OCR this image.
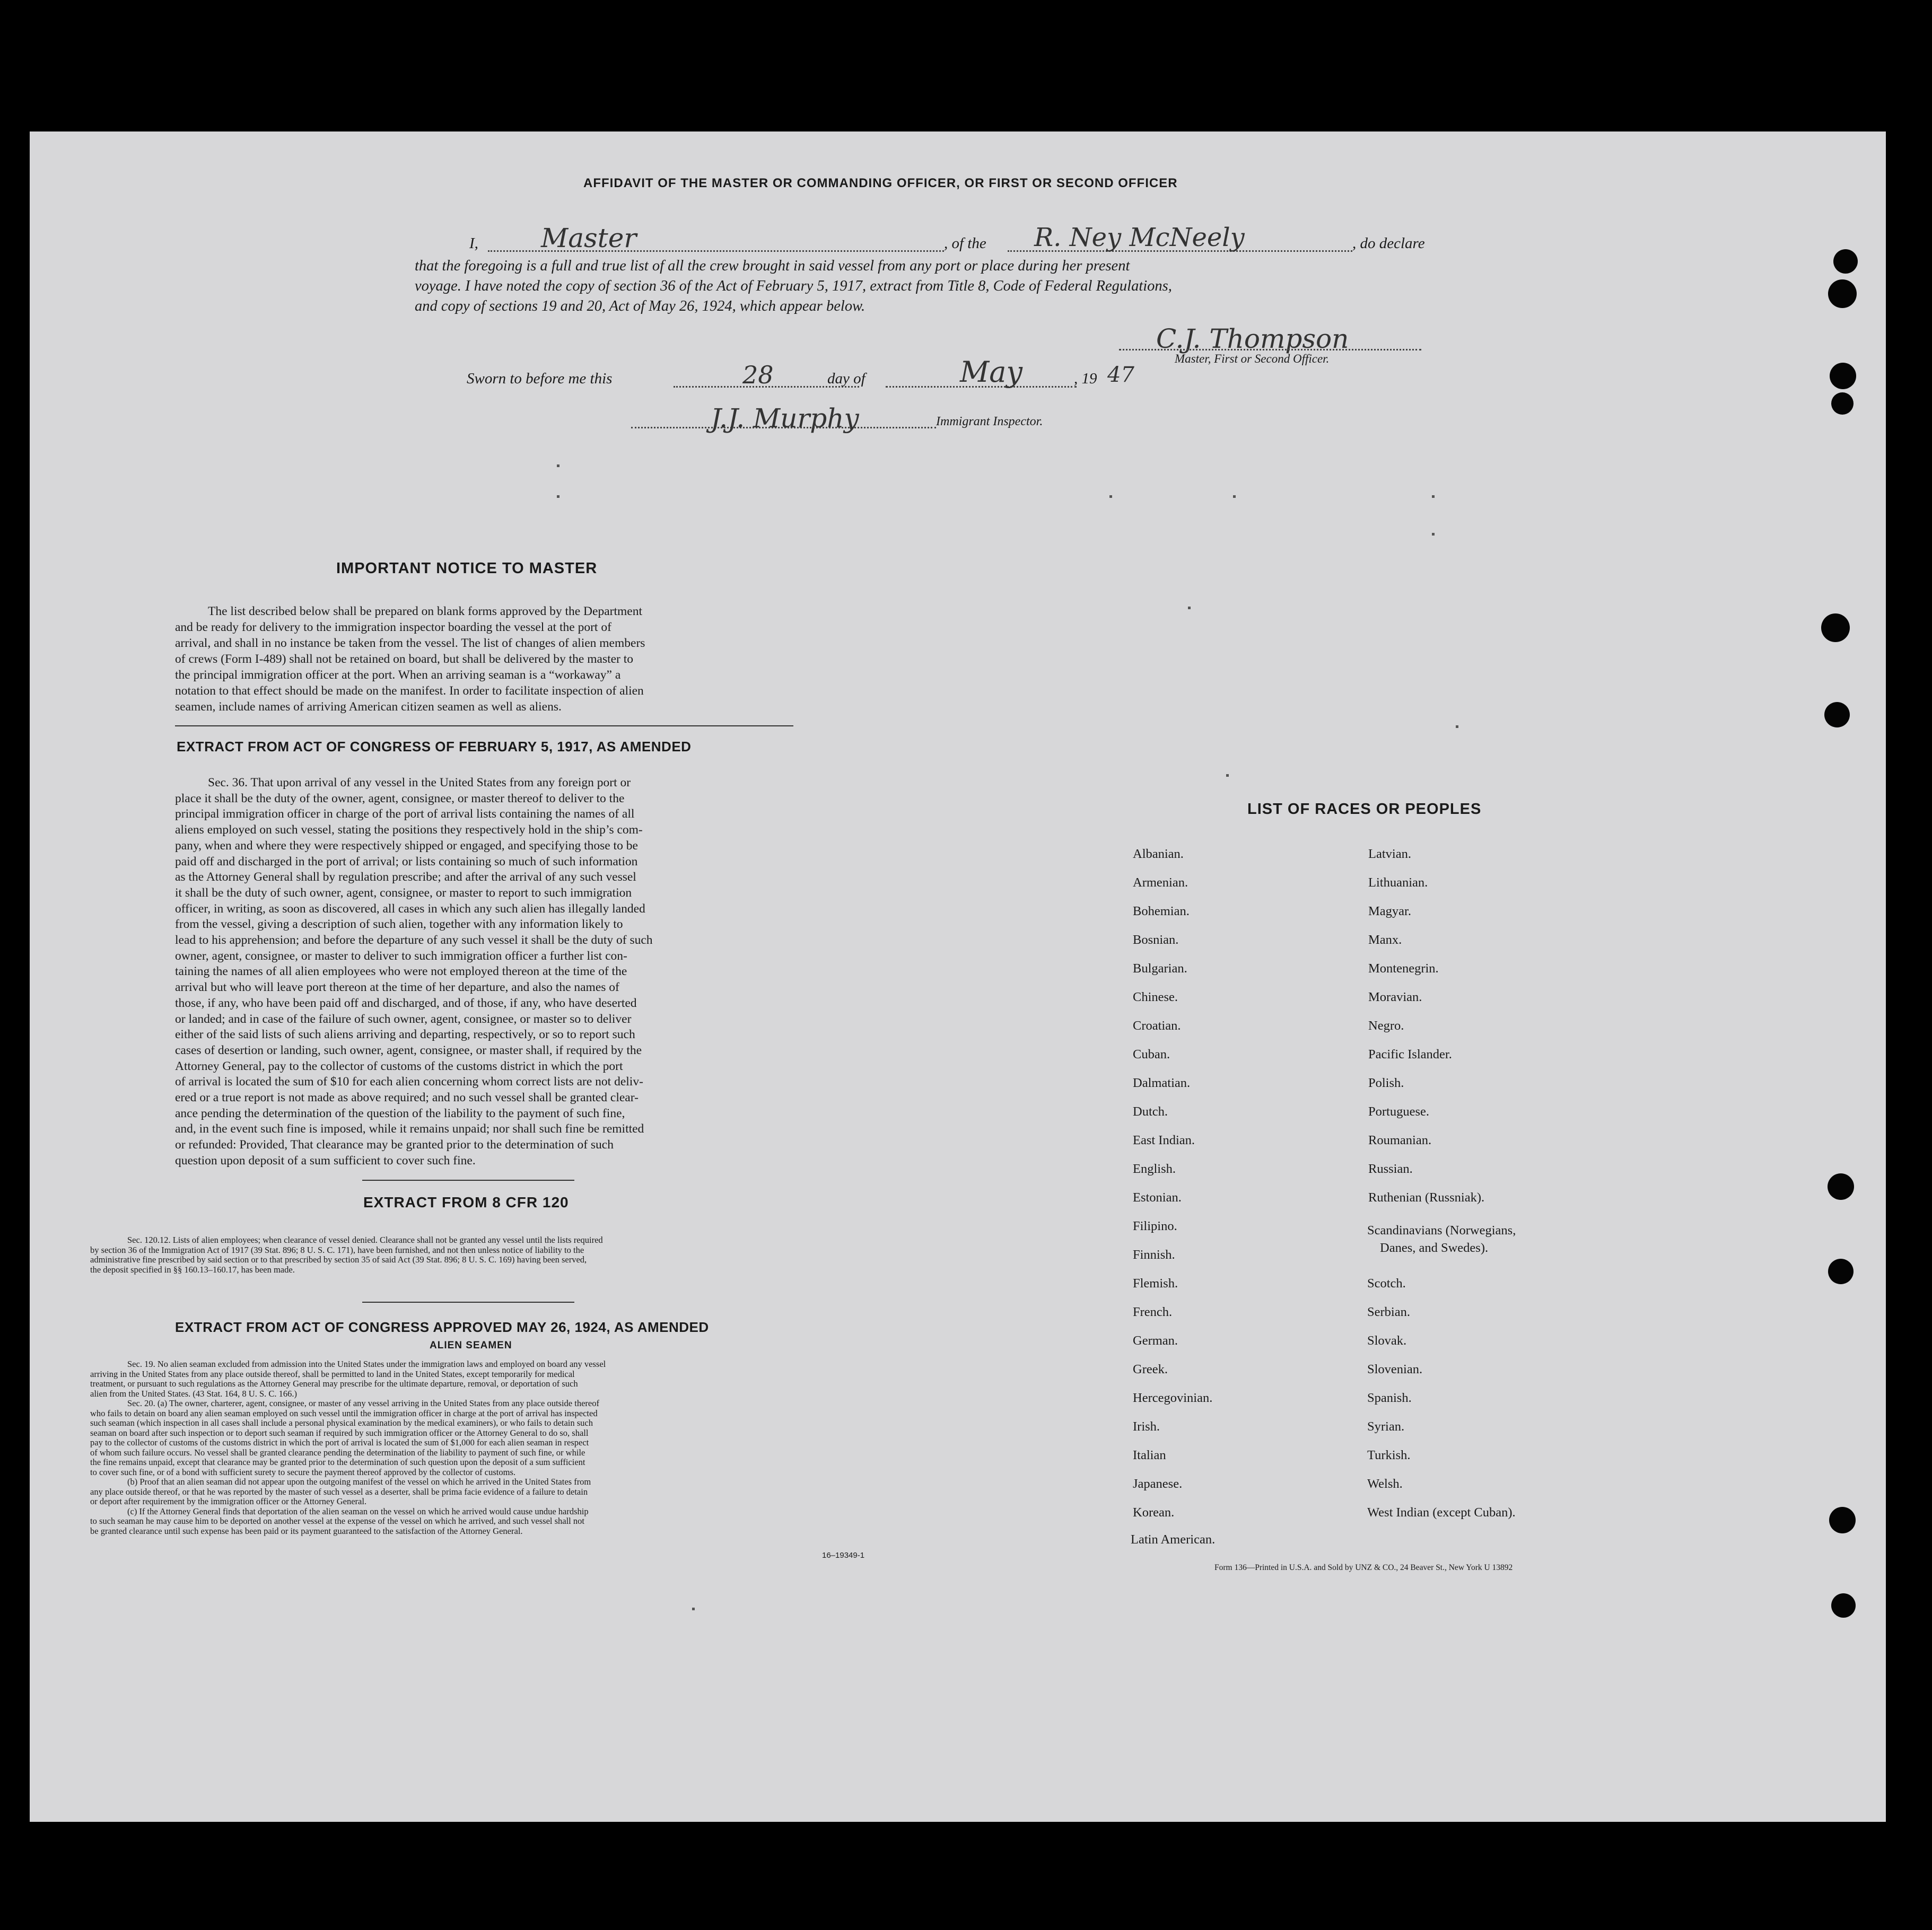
AFFIDAVIT OF THE MASTER OR COMMANDING OFFICER, OR FIRST OR SECOND OFFICER
I, Master	, of the R. Ney McNeely	, do declare
that the foregoing is a full and true list of all the crew brought in said vessel from any port or place during her present
voyage. I have noted the copy of section 36 of the Act of February 5, 1917, extract from Title 8, Code of Federal Regulations,
and copy of sections 19 and 20, Act of May 26, 1924, which appear below.
C.J. Thompson
Master, First or Second Officer.
Sworn to before me this	28	day of	May	, 19 47
J.J. Murphy	Immigrant Inspector.
IMPORTANT NOTICE TO MASTER
The list described below shall be prepared on blank forms approved by the Department
and be ready for delivery to the immigration inspector boarding the vessel at the port of
arrival, and shall in no instance be taken from the vessel. The list of changes of alien members
of crews (Form I-489) shall not be retained on board, but shall be delivered by the master to
the principal immigration officer at the port. When an arriving seaman is a “workaway” a
notation to that effect should be made on the manifest. In order to facilitate inspection of alien
seamen, include names of arriving American citizen seamen as well as aliens.
EXTRACT FROM ACT OF CONGRESS OF FEBRUARY 5, 1917, AS AMENDED
Sec. 36. That upon arrival of any vessel in the United States from any foreign port or
place it shall be the duty of the owner, agent, consignee, or master thereof to deliver to the
principal immigration officer in charge of the port of arrival lists containing the names of all
aliens employed on such vessel, stating the positions they respectively hold in the ship’s com-
pany, when and where they were respectively shipped or engaged, and specifying those to be
paid off and discharged in the port of arrival; or lists containing so much of such information
as the Attorney General shall by regulation prescribe; and after the arrival of any such vessel
it shall be the duty of such owner, agent, consignee, or master to report to such immigration
officer, in writing, as soon as discovered, all cases in which any such alien has illegally landed
from the vessel, giving a description of such alien, together with any information likely to
lead to his apprehension; and before the departure of any such vessel it shall be the duty of such
owner, agent, consignee, or master to deliver to such immigration officer a further list con-
taining the names of all alien employees who were not employed thereon at the time of the
arrival but who will leave port thereon at the time of her departure, and also the names of
those, if any, who have been paid off and discharged, and of those, if any, who have deserted
or landed; and in case of the failure of such owner, agent, consignee, or master so to deliver
either of the said lists of such aliens arriving and departing, respectively, or so to report such
cases of desertion or landing, such owner, agent, consignee, or master shall, if required by the
Attorney General, pay to the collector of customs of the customs district in which the port
of arrival is located the sum of $10 for each alien concerning whom correct lists are not deliv-
ered or a true report is not made as above required; and no such vessel shall be granted clear-
ance pending the determination of the question of the liability to the payment of such fine,
and, in the event such fine is imposed, while it remains unpaid; nor shall such fine be remitted
or refunded: Provided, That clearance may be granted prior to the determination of such
question upon deposit of a sum sufficient to cover such fine.
EXTRACT FROM 8 CFR 120
Sec. 120.12. Lists of alien employees; when clearance of vessel denied. Clearance shall not be granted any vessel until the lists required
by section 36 of the Immigration Act of 1917 (39 Stat. 896; 8 U. S. C. 171), have been furnished, and not then unless notice of liability to the
administrative fine prescribed by said section or to that prescribed by section 35 of said Act (39 Stat. 896; 8 U. S. C. 169) having been served,
the deposit specified in §§ 160.13–160.17, has been made.
EXTRACT FROM ACT OF CONGRESS APPROVED MAY 26, 1924, AS AMENDED
ALIEN SEAMEN
Sec. 19. No alien seaman excluded from admission into the United States under the immigration laws and employed on board any vessel
arriving in the United States from any place outside thereof, shall be permitted to land in the United States, except temporarily for medical
treatment, or pursuant to such regulations as the Attorney General may prescribe for the ultimate departure, removal, or deportation of such
alien from the United States. (43 Stat. 164, 8 U. S. C. 166.)
Sec. 20. (a) The owner, charterer, agent, consignee, or master of any vessel arriving in the United States from any place outside thereof
who fails to detain on board any alien seaman employed on such vessel until the immigration officer in charge at the port of arrival has inspected
such seaman (which inspection in all cases shall include a personal physical examination by the medical examiners), or who fails to detain such
seaman on board after such inspection or to deport such seaman if required by such immigration officer or the Attorney General to do so, shall
pay to the collector of customs of the customs district in which the port of arrival is located the sum of $1,000 for each alien seaman in respect
of whom such failure occurs. No vessel shall be granted clearance pending the determination of the liability to payment of such fine, or while
the fine remains unpaid, except that clearance may be granted prior to the determination of such question upon the deposit of a sum sufficient
to cover such fine, or of a bond with sufficient surety to secure the payment thereof approved by the collector of customs.
(b) Proof that an alien seaman did not appear upon the outgoing manifest of the vessel on which he arrived in the United States from
any place outside thereof, or that he was reported by the master of such vessel as a deserter, shall be prima facie evidence of a failure to detain
or deport after requirement by the immigration officer or the Attorney General.
(c) If the Attorney General finds that deportation of the alien seaman on the vessel on which he arrived would cause undue hardship
to such seaman he may cause him to be deported on another vessel at the expense of the vessel on which he arrived, and such vessel shall not
be granted clearance until such expense has been paid or its payment guaranteed to the satisfaction of the Attorney General.
16–19349-1
LIST OF RACES OR PEOPLES
Albanian.
Armenian.
Bohemian.
Bosnian.
Bulgarian.
Chinese.
Croatian.
Cuban.
Dalmatian.
Dutch.
East Indian.
English.
Estonian.
Filipino.
Finnish.
Flemish.
French.
German.
Greek.
Hercegovinian.
Irish.
Italian
Japanese.
Korean.
Latin American.
Latvian.
Lithuanian.
Magyar.
Manx.
Montenegrin.
Moravian.
Negro.
Pacific Islander.
Polish.
Portuguese.
Roumanian.
Russian.
Ruthenian (Russniak).
Scandinavians (Norwegians,
Danes, and Swedes).
Scotch.
Serbian.
Slovak.
Slovenian.
Spanish.
Syrian.
Turkish.
Welsh.
West Indian (except Cuban).
Form 136—Printed in U.S.A. and Sold by UNZ & CO., 24 Beaver St., New York U 13892
